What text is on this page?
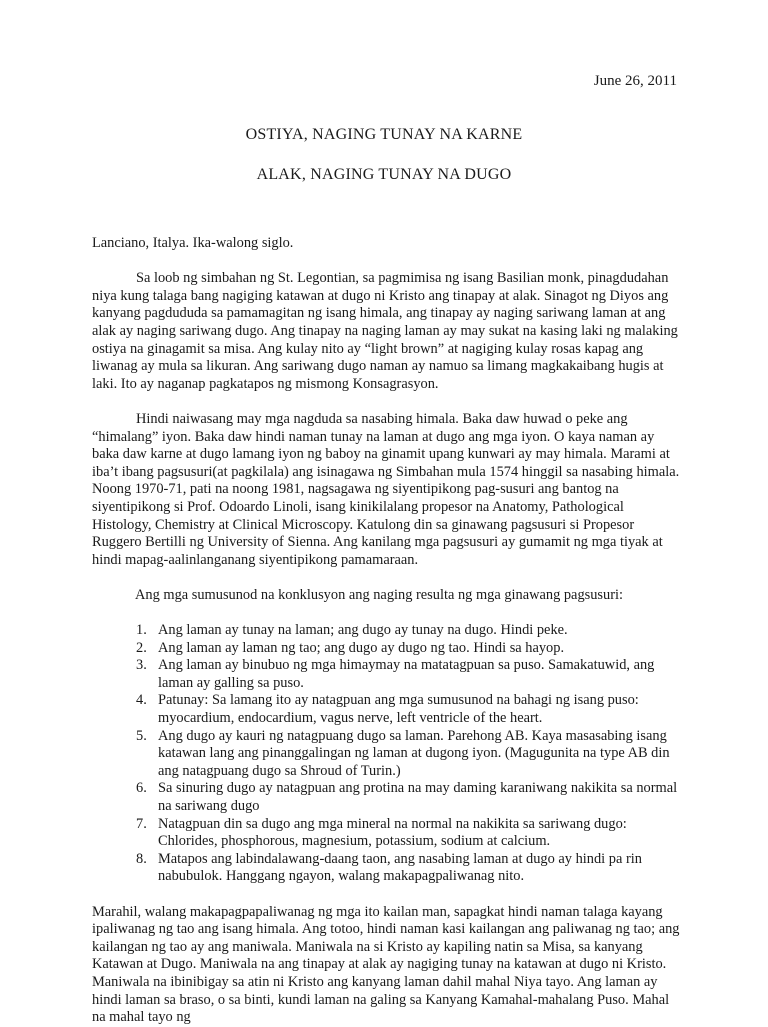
June 26, 2011
OSTIYA, NAGING TUNAY NA KARNE
ALAK, NAGING TUNAY NA DUGO

Lanciano, Italya. Ika-walong siglo.

Sa loob ng simbahan ng St. Legontian, sa pagmimisa ng isang Basilian monk, pinagdudahan niya kung talaga bang nagiging katawan at dugo ni Kristo ang tinapay at alak. Sinagot ng Diyos ang kanyang pagdududa sa pamamagitan ng isang himala, ang tinapay ay naging sariwang laman at ang alak ay naging sariwang dugo. Ang tinapay na naging laman ay may sukat na kasing laki ng malaking ostiya na ginagamit sa misa. Ang kulay nito ay “light brown” at nagiging kulay rosas kapag ang liwanag ay mula sa likuran. Ang sariwang dugo naman ay namuo sa limang magkakaibang hugis at laki. Ito ay naganap pagkatapos ng mismong Konsagrasyon.

Hindi naiwasang may mga nagduda sa nasabing himala. Baka daw huwad o peke ang “himalang” iyon. Baka daw hindi naman tunay na laman at dugo ang mga iyon. O kaya naman ay baka daw karne at dugo lamang iyon ng baboy na ginamit upang kunwari ay may himala. Marami at iba’t ibang pagsusuri(at pagkilala) ang isinagawa ng Simbahan mula 1574 hinggil sa nasabing himala. Noong 1970-71, pati na noong 1981, nagsagawa ng siyentipikong pag-susuri ang bantog na siyentipikong si Prof. Odoardo Linoli, isang kinikilalang propesor na Anatomy, Pathological Histology, Chemistry at Clinical Microscopy. Katulong din sa ginawang pagsusuri si Propesor Ruggero Bertilli ng University of Sienna. Ang kanilang mga pagsusuri ay gumamit ng mga tiyak at hindi mapag-aalinlanganang siyentipikong pamamaraan.

Ang mga sumusunod na konklusyon ang naging resulta ng mga ginawang pagsusuri:

1. Ang laman ay tunay na laman; ang dugo ay tunay na dugo. Hindi peke.
2. Ang laman ay laman ng tao; ang dugo ay dugo ng tao. Hindi sa hayop.
3. Ang laman ay binubuo ng mga himaymay na matatagpuan sa puso. Samakatuwid, ang laman ay galling sa puso.
4. Patunay: Sa lamang ito ay natagpuan ang mga sumusunod na bahagi ng isang puso: myocardium, endocardium, vagus nerve, left ventricle of the heart.
5. Ang dugo ay kauri ng natagpuang dugo sa laman. Parehong AB. Kaya masasabing isang katawan lang ang pinanggalingan ng laman at dugong iyon. (Magugunita na type AB din ang natagpuang dugo sa Shroud of Turin.)
6. Sa sinuring dugo ay natagpuan ang protina na may daming karaniwang nakikita sa normal na sariwang dugo
7. Natagpuan din sa dugo ang mga mineral na normal na nakikita sa sariwang dugo: Chlorides, phosphorous, magnesium, potassium, sodium at calcium.
8. Matapos ang labindalawang-daang taon, ang nasabing laman at dugo ay hindi pa rin nabubulok. Hanggang ngayon, walang makapagpaliwanag nito.

Marahil, walang makapagpapaliwanag ng mga ito kailan man, sapagkat hindi naman talaga kayang ipaliwanag ng tao ang isang himala. Ang totoo, hindi naman kasi kailangan ang paliwanag ng tao; ang kailangan ng tao ay ang maniwala. Maniwala na si Kristo ay kapiling natin sa Misa, sa kanyang Katawan at Dugo. Maniwala na ang tinapay at alak ay nagiging tunay na katawan at dugo ni Kristo. Maniwala na ibinibigay sa atin ni Kristo ang kanyang laman dahil mahal Niya tayo. Ang laman ay hindi laman sa braso, o sa binti, kundi laman na galing sa Kanyang Kamahal-mahalang Puso. Mahal na mahal tayo ng
